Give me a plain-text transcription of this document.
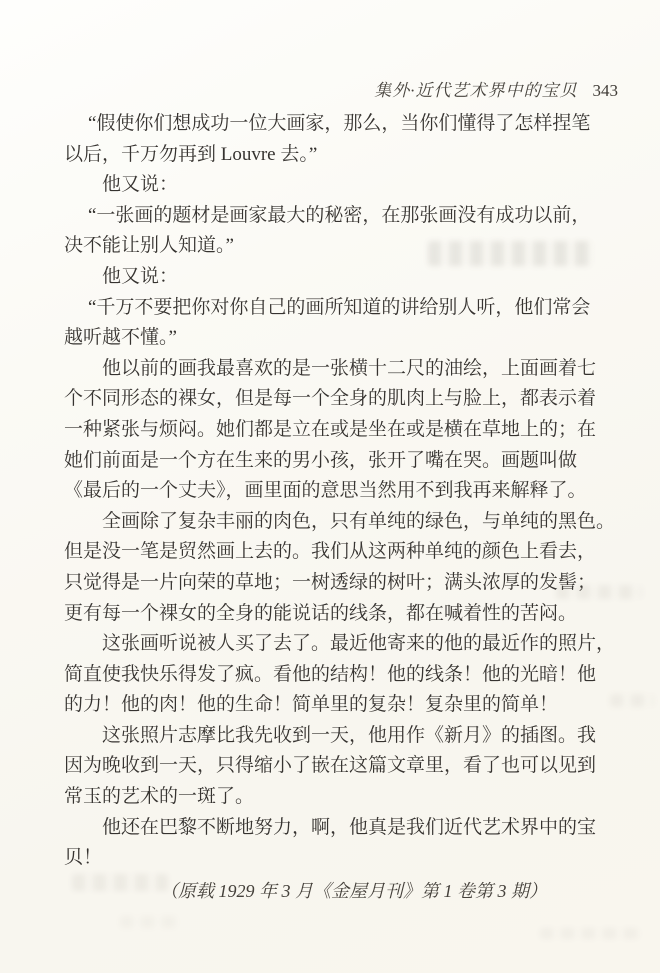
集外·近代艺术界中的宝贝 343
“假使你们想成功一位大画家，那么，当你们懂得了怎样捏笔
以后，千万勿再到 Louvre 去。”
他又说：
“一张画的题材是画家最大的秘密，在那张画没有成功以前，
决不能让别人知道。”
他又说：
“千万不要把你对你自己的画所知道的讲给别人听，他们常会
越听越不懂。”
他以前的画我最喜欢的是一张横十二尺的油绘，上面画着七
个不同形态的裸女，但是每一个全身的肌肉上与脸上，都表示着
一种紧张与烦闷。她们都是立在或是坐在或是横在草地上的；在
她们前面是一个方在生来的男小孩，张开了嘴在哭。画题叫做
《最后的一个丈夫》，画里面的意思当然用不到我再来解释了。
全画除了复杂丰丽的肉色，只有单纯的绿色，与单纯的黑色。
但是没一笔是贸然画上去的。我们从这两种单纯的颜色上看去，
只觉得是一片向荣的草地；一树透绿的树叶；满头浓厚的发髻；
更有每一个裸女的全身的能说话的线条，都在喊着性的苦闷。
这张画听说被人买了去了。最近他寄来的他的最近作的照片，
简直使我快乐得发了疯。看他的结构！他的线条！他的光暗！他
的力！他的肉！他的生命！简单里的复杂！复杂里的简单！
这张照片志摩比我先收到一天，他用作《新月》的插图。我
因为晚收到一天，只得缩小了嵌在这篇文章里，看了也可以见到
常玉的艺术的一斑了。
他还在巴黎不断地努力，啊，他真是我们近代艺术界中的宝
贝！
（原载 1929 年 3 月《金屋月刊》第 1 卷第 3 期）
